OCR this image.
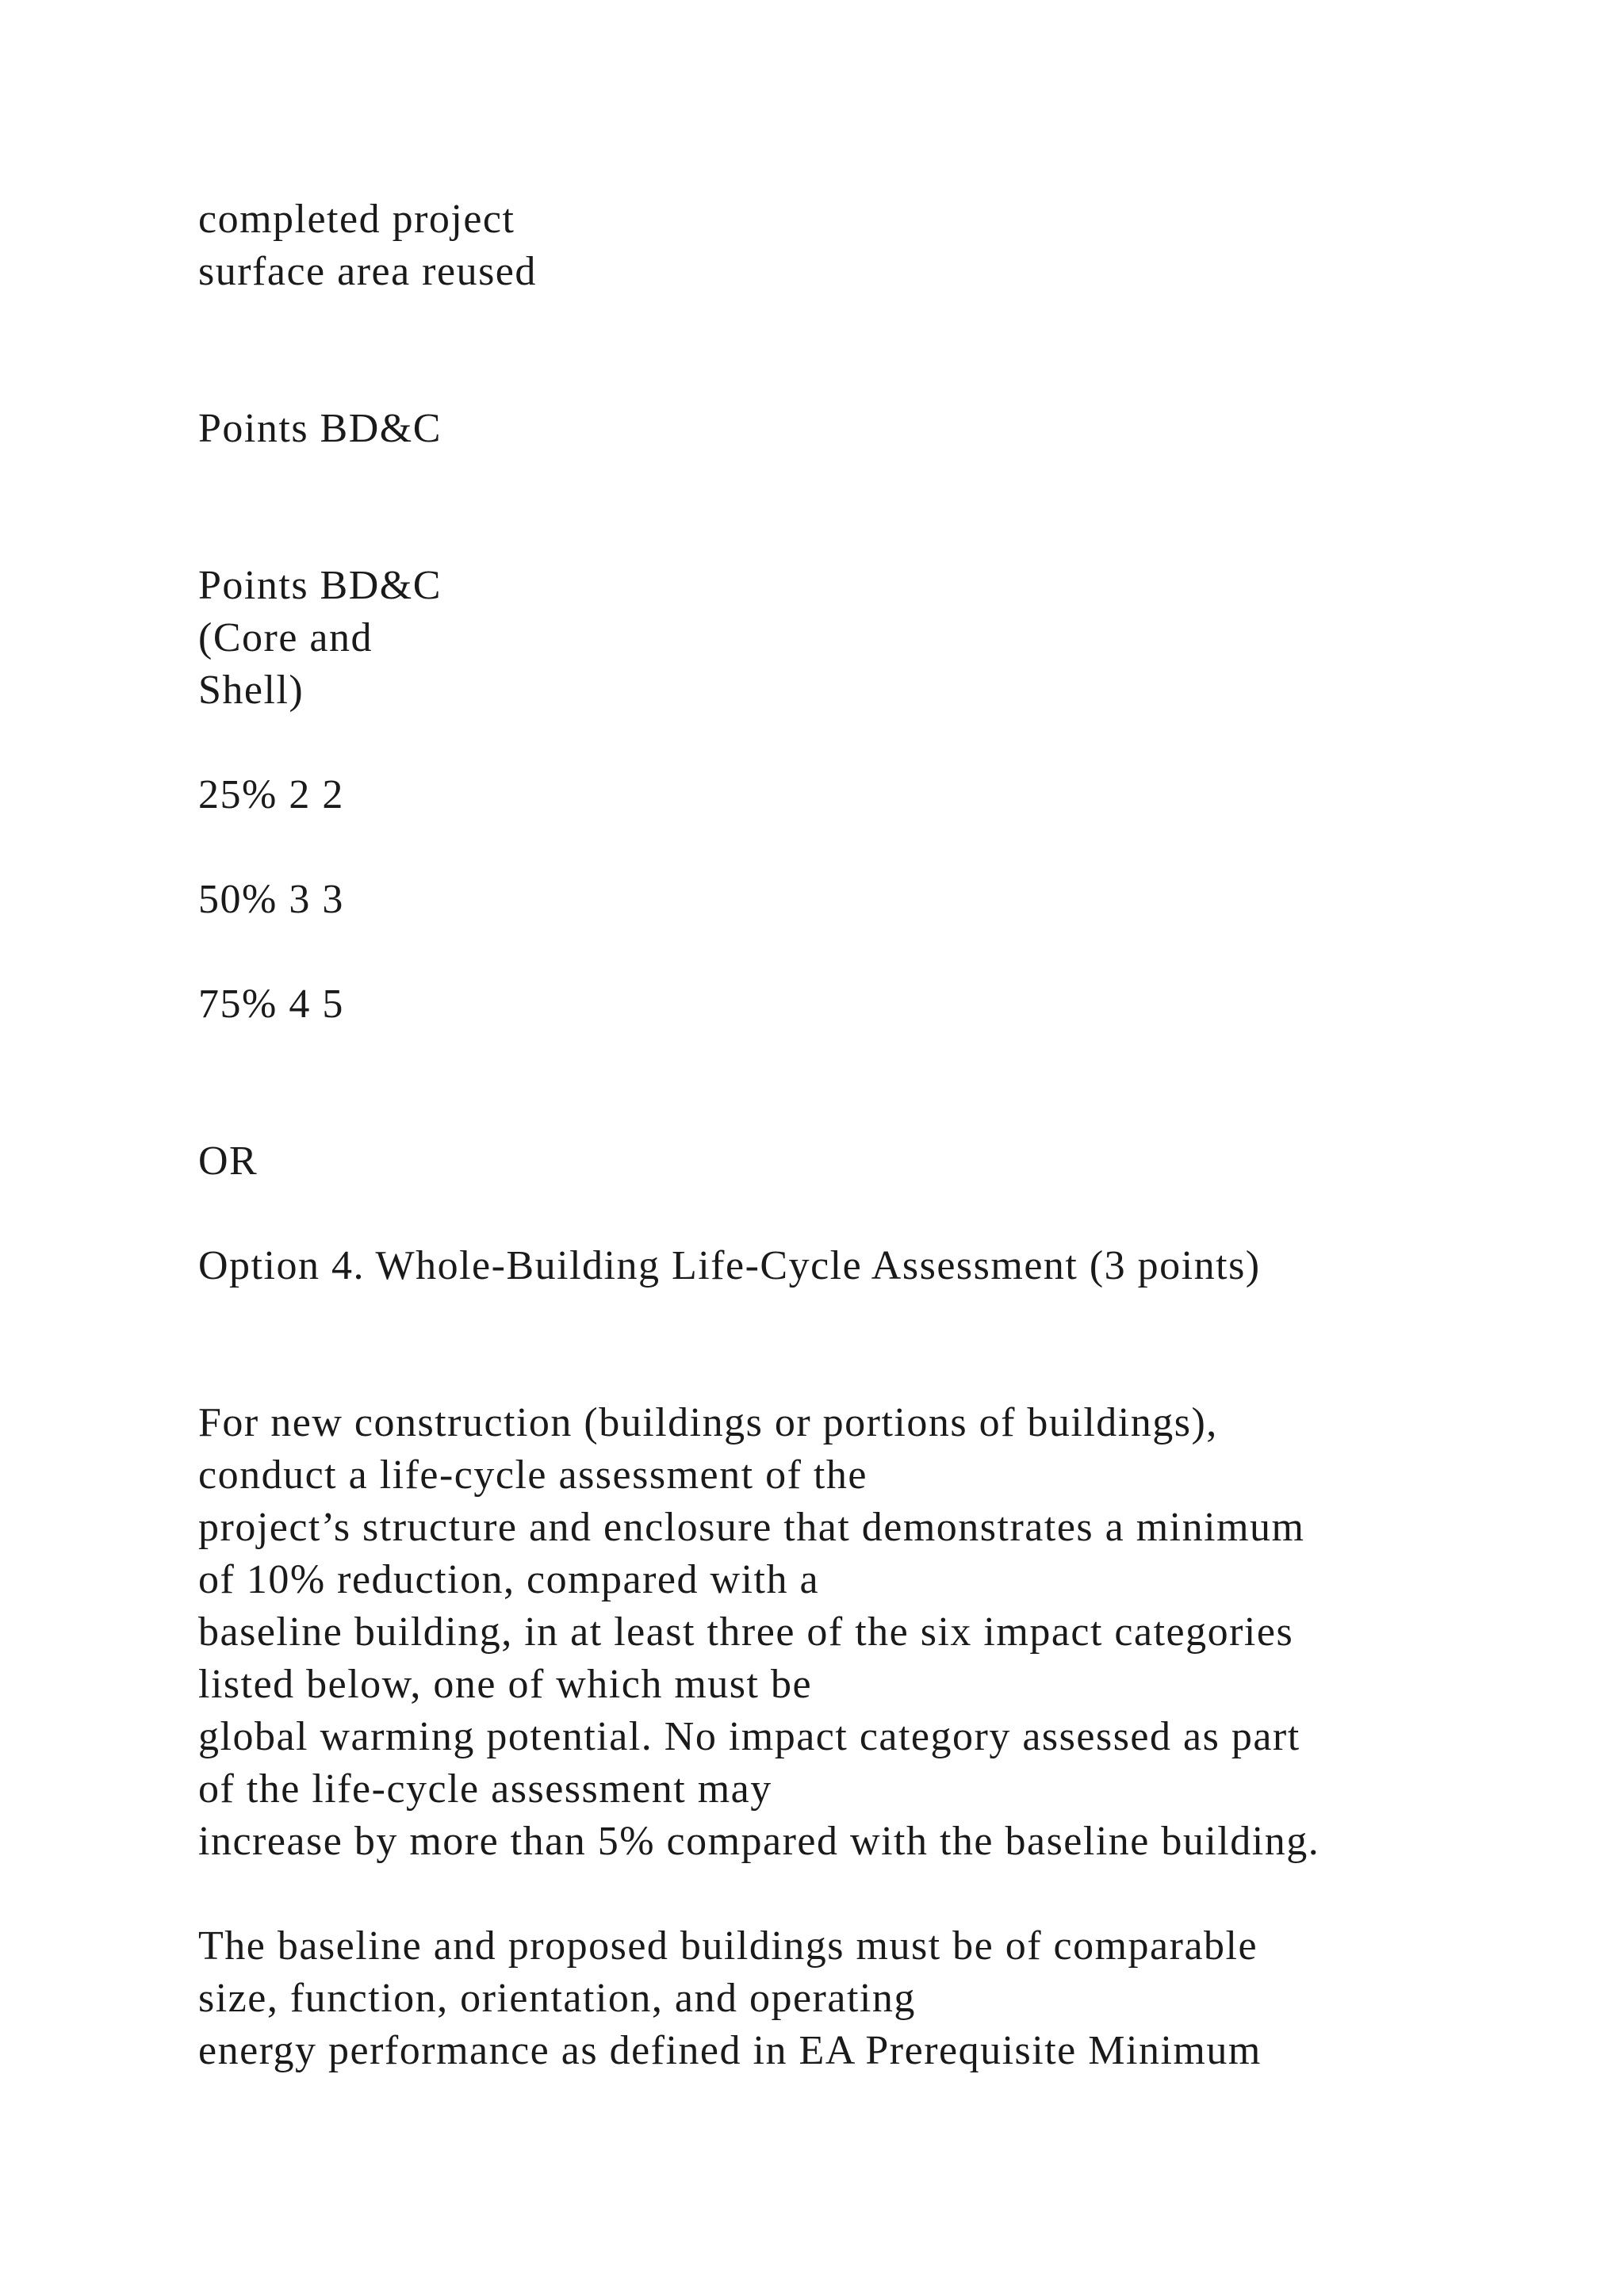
completed project
surface area reused
Points BD&C
Points BD&C
(Core and
Shell)
25% 2 2
50% 3 3
75% 4 5
OR
Option 4. Whole-Building Life-Cycle Assessment (3 points)
For new construction (buildings or portions of buildings),
conduct a life-cycle assessment of the
project’s structure and enclosure that demonstrates a minimum
of 10% reduction, compared with a
baseline building, in at least three of the six impact categories
listed below, one of which must be
global warming potential. No impact category assessed as part
of the life-cycle assessment may
increase by more than 5% compared with the baseline building.
The baseline and proposed buildings must be of comparable
size, function, orientation, and operating
energy performance as defined in EA Prerequisite Minimum
